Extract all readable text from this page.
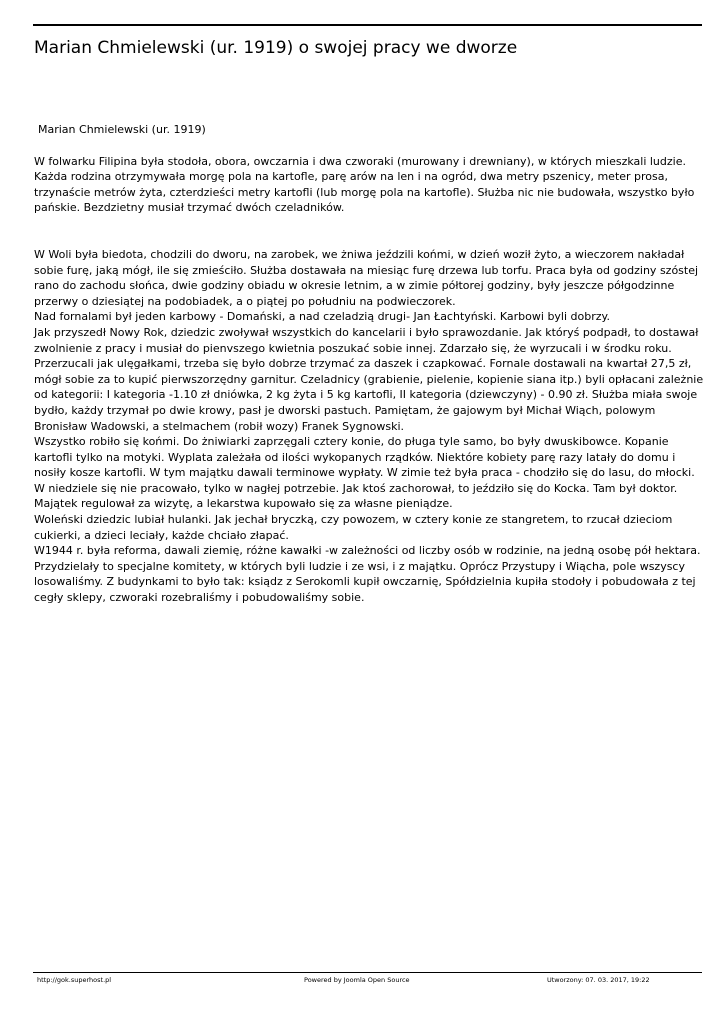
Marian Chmielewski (ur. 1919) o swojej pracy we dworze

Marian Chmielewski (ur. 1919)

W folwarku Filipina była stodoła, obora, owczarnia i dwa czworaki (murowany i drewniany), w których mieszkali ludzie. Każda rodzina otrzymywała morgę pola na kartofle, parę arów na len i na ogród, dwa metry pszenicy, meter prosa, trzynaście metrów żyta, czterdzieści metry kartofli (lub morgę pola na kartofle). Służba nic nie budowała, wszystko było pańskie. Bezdzietny musiał trzymać dwóch czeladników.

W Woli była biedota, chodzili do dworu, na zarobek, we żniwa jeździli końmi, w dzień woził żyto, a wieczorem nakładał sobie furę, jaką mógł, ile się zmieściło. Służba dostawała na miesiąc furę drzewa lub torfu. Praca była od godziny szóstej rano do zachodu słońca, dwie godziny obiadu w okresie letnim, a w zimie półtorej godziny, były jeszcze półgodzinne przerwy o dziesiątej na podobiadek, a o piątej po południu na podwieczorek.

Nad fornalami był jeden karbowy - Domański, a nad czeladzią drugi- Jan Łachtyński. Karbowi byli dobrzy.

Jak przyszedł Nowy Rok, dziedzic zwoływał wszystkich do kancelarii i było sprawozdanie. Jak któryś podpadł, to dostawał zwolnienie z pracy i musiał do pienvszego kwietnia poszukać sobie innej. Zdarzało się, że wyrzucali i w środku roku. Przerzucali jak ulęgałkami, trzeba się było dobrze trzymać za daszek i czapkować. Fornale dostawali na kwartał 27,5 zł, mógł sobie za to kupić pierwszorzędny garnitur. Czeladnicy (grabienie, pielenie, kopienie siana itp.) byli opłacani zależnie od kategorii: I kategoria -1.10 zł dniówka, 2 kg żyta i 5 kg kartofli, II kategoria (dziewczyny) - 0.90 zł. Służba miała swoje bydło, każdy trzymał po dwie krowy, pasł je dworski pastuch. Pamiętam, że gajowym był Michał Wiąch, polowym Bronisław Wadowski, a stelmachem (robił wozy) Franek Sygnowski.

Wszystko robiło się końmi. Do żniwiarki zaprzęgali cztery konie, do pługa tyle samo, bo były dwuskibowce. Kopanie kartofli tylko na motyki. Wyplata zależała od ilości wykopanych rządków. Niektóre kobiety parę razy latały do domu i nosiły kosze kartofli. W tym majątku dawali terminowe wypłaty. W zimie też była praca - chodziło się do lasu, do młocki. W niedziele się nie pracowało, tylko w nagłej potrzebie. Jak ktoś zachorował, to jeździło się do Kocka. Tam był doktor. Majątek regulował za wizytę, a lekarstwa kupowało się za własne pieniądze.

Woleński dziedzic lubiał hulanki. Jak jechał bryczką, czy powozem, w cztery konie ze stangretem, to rzucał dzieciom cukierki, a dzieci leciały, każde chciało złapać.

W1944 r. była reforma, dawali ziemię, różne kawałki -w zależności od liczby osób w rodzinie, na jedną osobę pół hektara. Przydzielały to specjalne komitety, w których byli ludzie i ze wsi, i z majątku. Oprócz Przystupy i Wiącha, pole wszyscy losowaliśmy. Z budynkami to było tak: ksiądz z Serokomli kupił owczarnię, Spółdzielnia kupiła stodoły i pobudowała z tej cegły sklepy, czworaki rozebraliśmy i pobudowaliśmy sobie.

http://gok.superhost.pl	Powered by Joomla Open Source	Utworzony: 07. 03. 2017, 19:22
